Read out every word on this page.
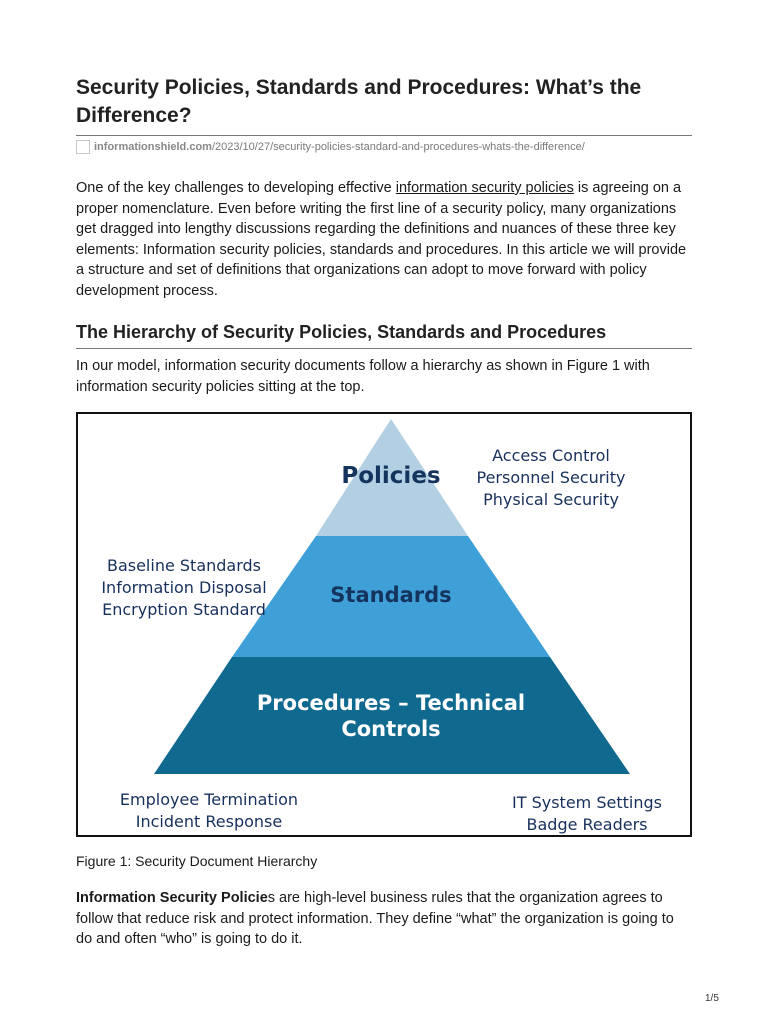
Security Policies, Standards and Procedures: What’s the Difference?
informationshield.com/2023/10/27/security-policies-standard-and-procedures-whats-the-difference/

One of the key challenges to developing effective information security policies is agreeing on a proper nomenclature. Even before writing the first line of a security policy, many organizations get dragged into lengthy discussions regarding the definitions and nuances of these three key elements: Information security policies, standards and procedures. In this article we will provide a structure and set of definitions that organizations can adopt to move forward with policy development process.

The Hierarchy of Security Policies, Standards and Procedures

In our model, information security documents follow a hierarchy as shown in Figure 1 with information security policies sitting at the top.

Policies
Standards
Procedures – Technical
Controls
Access Control
Personnel Security
Physical Security
Baseline Standards
Information Disposal
Encryption Standard
Employee Termination
Incident Response
IT System Settings
Badge Readers

Figure 1: Security Document Hierarchy

Information Security Policies are high-level business rules that the organization agrees to follow that reduce risk and protect information. They define “what” the organization is going to do and often “who” is going to do it.

1/5
